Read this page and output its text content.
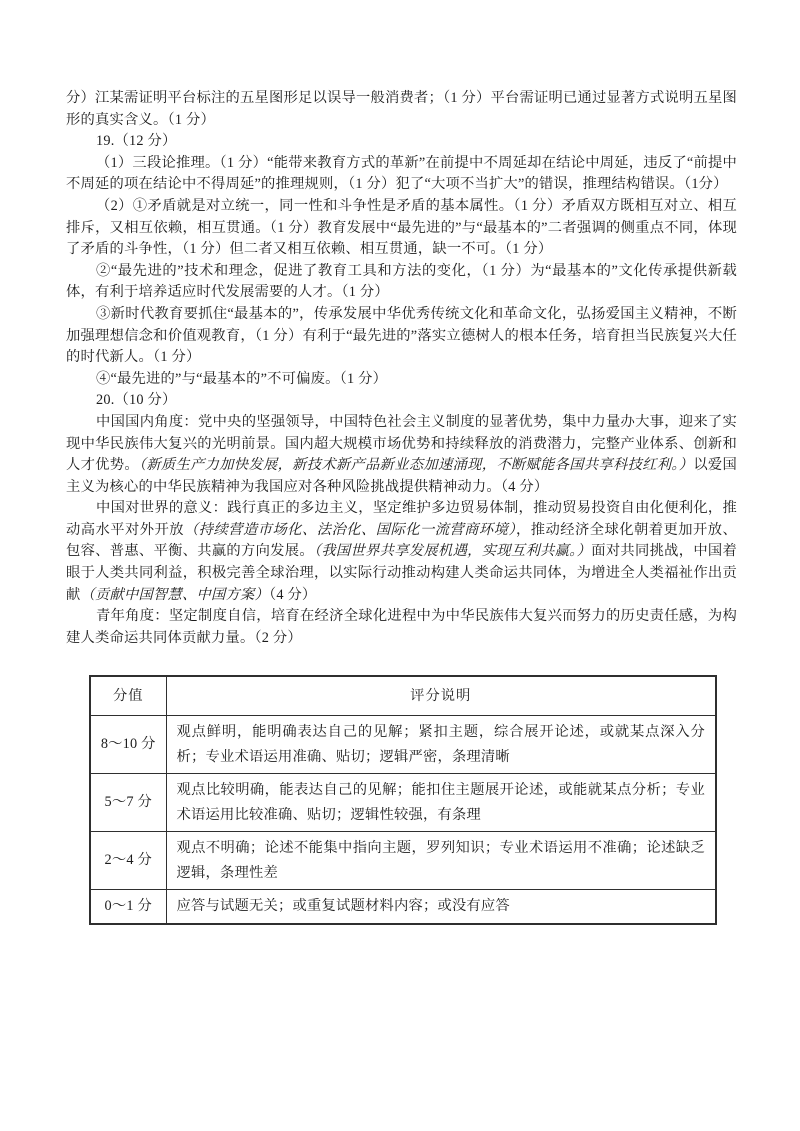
分）江某需证明平台标注的五星图形足以误导一般消费者；（1 分）平台需证明已通过显著方式说明五星图形的真实含义。（1 分）

19.（12 分）

（1）三段论推理。（1 分）“能带来教育方式的革新”在前提中不周延却在结论中周延，违反了“前提中不周延的项在结论中不得周延”的推理规则，（1 分）犯了“大项不当扩大”的错误，推理结构错误。（1分）

（2）①矛盾就是对立统一，同一性和斗争性是矛盾的基本属性。（1 分）矛盾双方既相互对立、相互排斥，又相互依赖，相互贯通。（1 分）教育发展中“最先进的”与“最基本的”二者强调的侧重点不同，体现了矛盾的斗争性，（1 分）但二者又相互依赖、相互贯通，缺一不可。（1 分）

②“最先进的”技术和理念，促进了教育工具和方法的变化，（1 分）为“最基本的”文化传承提供新载体，有利于培养适应时代发展需要的人才。（1 分）

③新时代教育要抓住“最基本的”，传承发展中华优秀传统文化和革命文化，弘扬爱国主义精神，不断加强理想信念和价值观教育，（1 分）有利于“最先进的”落实立德树人的根本任务，培育担当民族复兴大任的时代新人。（1 分）

④“最先进的”与“最基本的”不可偏废。（1 分）

20.（10 分）

中国国内角度：党中央的坚强领导，中国特色社会主义制度的显著优势，集中力量办大事，迎来了实现中华民族伟大复兴的光明前景。国内超大规模市场优势和持续释放的消费潜力，完整产业体系、创新和人才优势。（新质生产力加快发展，新技术新产品新业态加速涌现，不断赋能各国共享科技红利。）以爱国主义为核心的中华民族精神为我国应对各种风险挑战提供精神动力。（4 分）

中国对世界的意义：践行真正的多边主义，坚定维护多边贸易体制，推动贸易投资自由化便利化，推动高水平对外开放（持续营造市场化、法治化、国际化一流营商环境），推动经济全球化朝着更加开放、包容、普惠、平衡、共赢的方向发展。（我国世界共享发展机遇，实现互利共赢。）面对共同挑战，中国着眼于人类共同利益，积极完善全球治理，以实际行动推动构建人类命运共同体，为增进全人类福祉作出贡献（贡献中国智慧、中国方案）（4 分）

青年角度：坚定制度自信，培育在经济全球化进程中为中华民族伟大复兴而努力的历史责任感，为构建人类命运共同体贡献力量。（2 分）

分值	评分说明
8～10 分	观点鲜明，能明确表达自己的见解；紧扣主题，综合展开论述，或就某点深入分析；专业术语运用准确、贴切；逻辑严密，条理清晰
5～7 分	观点比较明确，能表达自己的见解；能扣住主题展开论述，或能就某点分析；专业术语运用比较准确、贴切；逻辑性较强，有条理
2～4 分	观点不明确；论述不能集中指向主题，罗列知识；专业术语运用不准确；论述缺乏逻辑，条理性差
0～1 分	应答与试题无关；或重复试题材料内容；或没有应答
